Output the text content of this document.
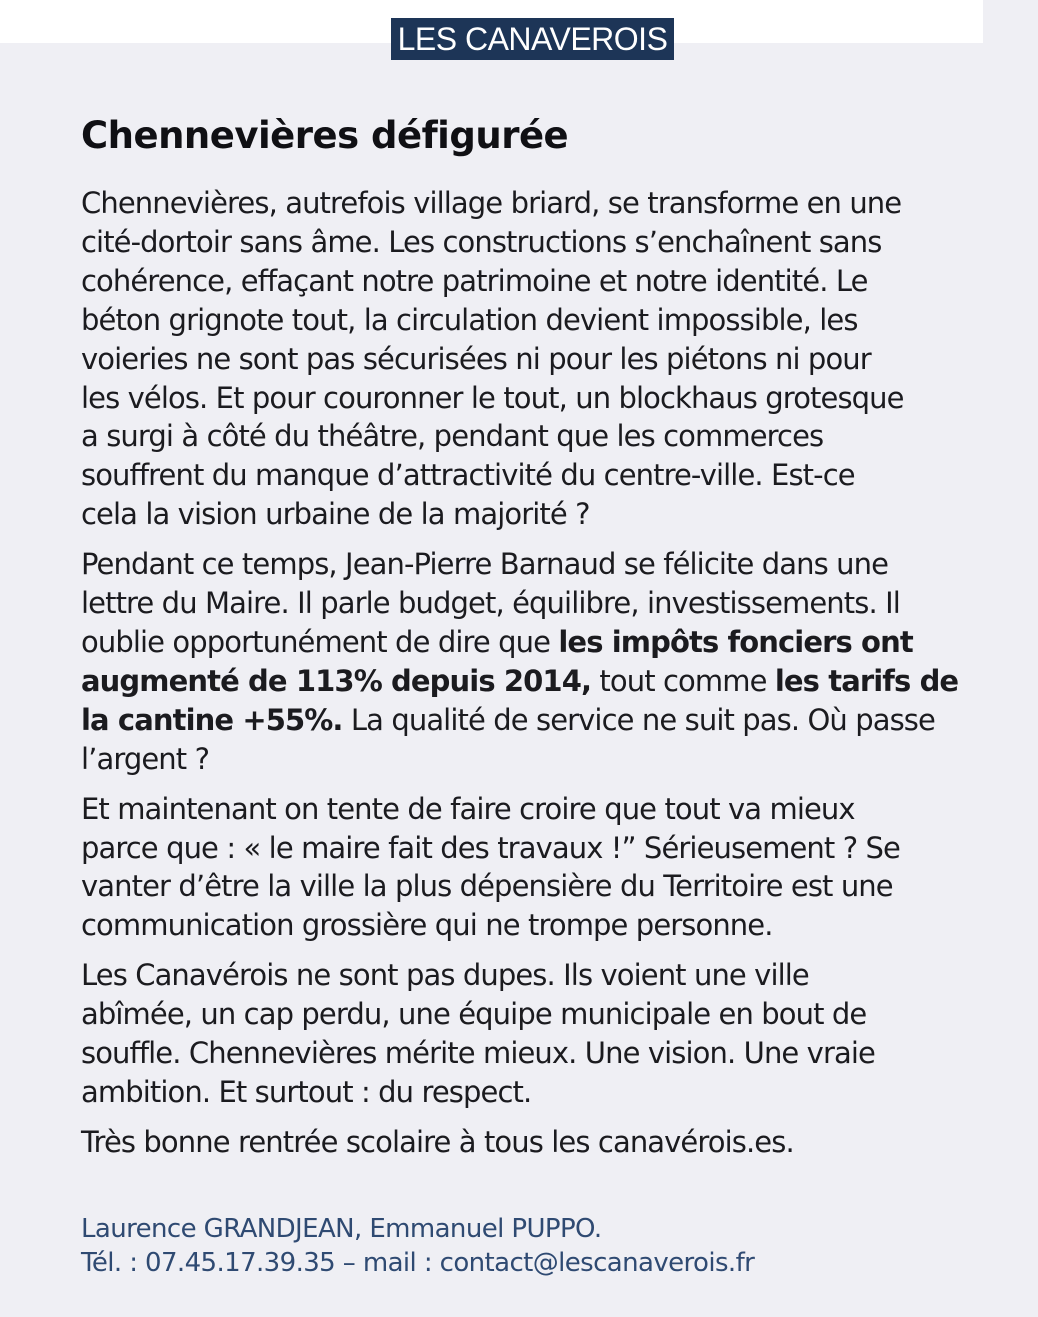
LES CANAVEROIS
Chennevières défigurée

Chennevières, autrefois village briard, se transforme en une
cité-dortoir sans âme. Les constructions s’enchaînent sans
cohérence, effaçant notre patrimoine et notre identité. Le
béton grignote tout, la circulation devient impossible, les
voieries ne sont pas sécurisées ni pour les piétons ni pour
les vélos. Et pour couronner le tout, un blockhaus grotesque
a surgi à côté du théâtre, pendant que les commerces
souffrent du manque d’attractivité du centre-ville. Est-ce
cela la vision urbaine de la majorité ?

Pendant ce temps, Jean-Pierre Barnaud se félicite dans une
lettre du Maire. Il parle budget, équilibre, investissements. Il
oublie opportunément de dire que les impôts fonciers ont
augmenté de 113% depuis 2014, tout comme les tarifs de
la cantine +55%. La qualité de service ne suit pas. Où passe
l’argent ?

Et maintenant on tente de faire croire que tout va mieux
parce que : « le maire fait des travaux !” Sérieusement ? Se
vanter d’être la ville la plus dépensière du Territoire est une
communication grossière qui ne trompe personne.

Les Canavérois ne sont pas dupes. Ils voient une ville
abîmée, un cap perdu, une équipe municipale en bout de
souffle. Chennevières mérite mieux. Une vision. Une vraie
ambition. Et surtout : du respect.

Très bonne rentrée scolaire à tous les canavérois.es.

Laurence GRANDJEAN, Emmanuel PUPPO.
Tél. : 07.45.17.39.35 – mail : contact@lescanaverois.fr
